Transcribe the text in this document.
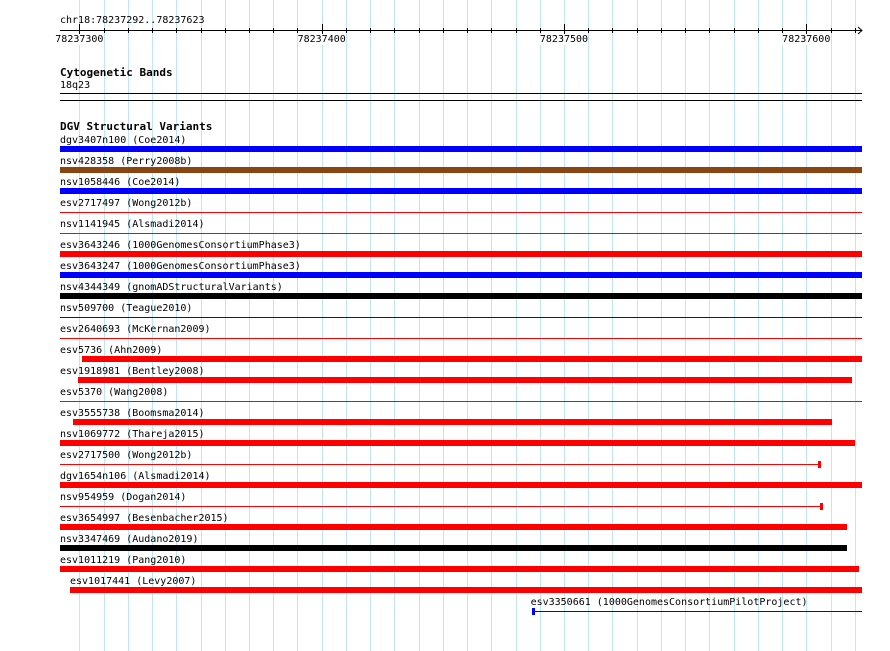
chr18:78237292..78237623
78237300	78237400	78237500	78237600
Cytogenetic Bands
18q23
DGV Structural Variants
dgv3407n100 (Coe2014)
nsv428358 (Perry2008b)
nsv1058446 (Coe2014)
esv2717497 (Wong2012b)
nsv1141945 (Alsmadi2014)
esv3643246 (1000GenomesConsortiumPhase3)
esv3643247 (1000GenomesConsortiumPhase3)
nsv4344349 (gnomADStructuralVariants)
nsv509700 (Teague2010)
esv2640693 (McKernan2009)
esv5736 (Ahn2009)
esv1918981 (Bentley2008)
esv5370 (Wang2008)
esv3555738 (Boomsma2014)
nsv1069772 (Thareja2015)
esv2717500 (Wong2012b)
dgv1654n106 (Alsmadi2014)
nsv954959 (Dogan2014)
esv3654997 (Besenbacher2015)
nsv3347469 (Audano2019)
esv1011219 (Pang2010)
esv1017441 (Levy2007)
esv3350661 (1000GenomesConsortiumPilotProject)
